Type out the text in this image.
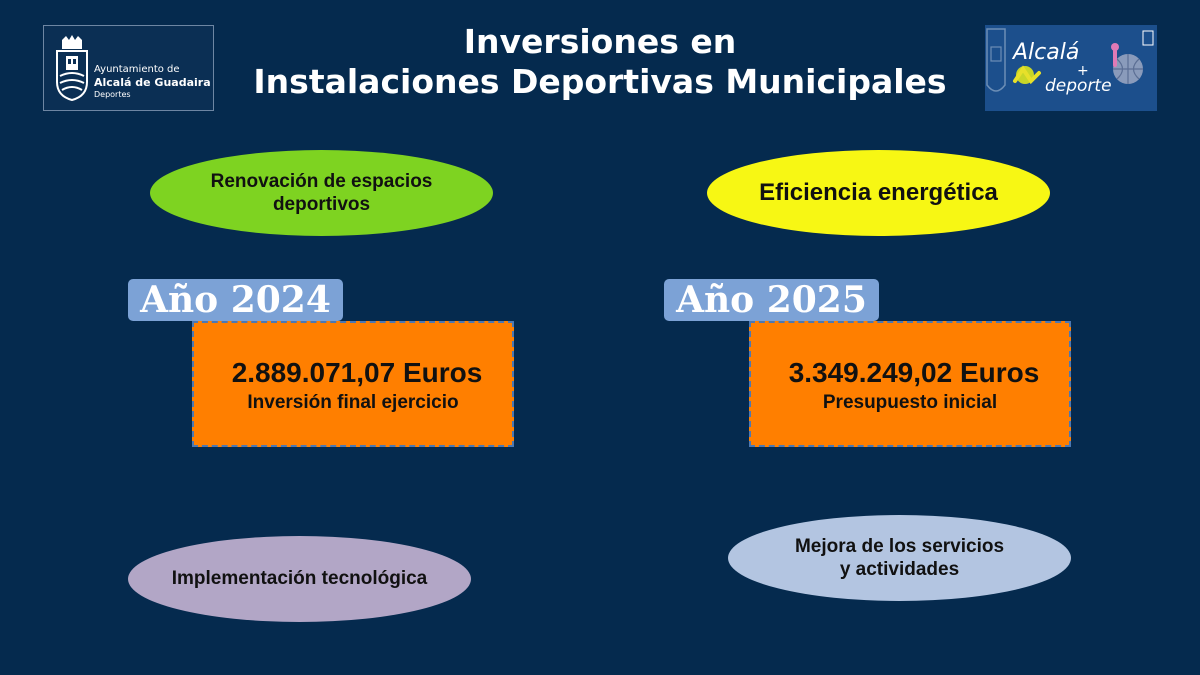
Inversiones en
Instalaciones Deportivas Municipales
Ayuntamiento de
Alcalá de Guadaira
Deportes
Alcalá
+
deporte
Renovación de espacios deportivos	Eficiencia energética
Implementación tecnológica
Mejora de los servicios
y actividades
Año 2024	Año 2025
2.889.071,07 Euros
Inversión final ejercicio
3.349.249,02 Euros
Presupuesto inicial
